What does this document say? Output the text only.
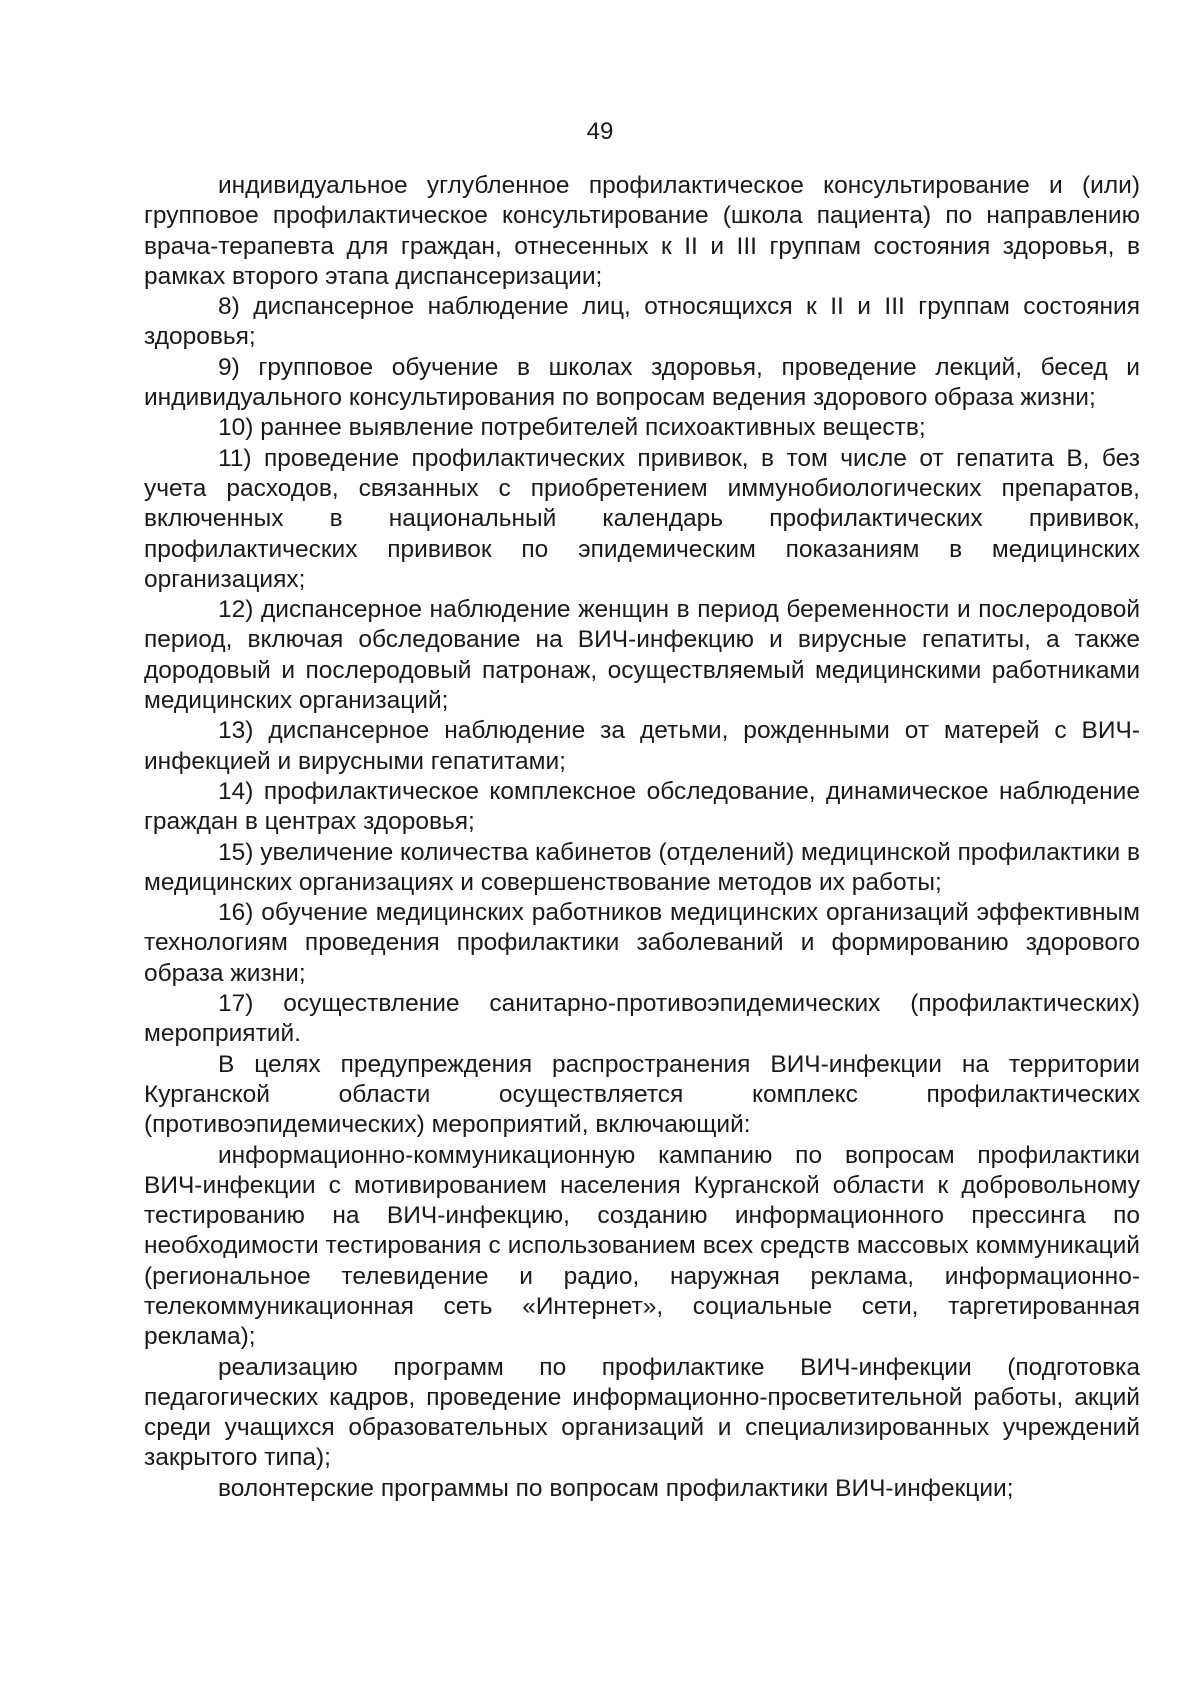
49

индивидуальное углубленное профилактическое консультирование и (или) групповое профилактическое консультирование (школа пациента) по направлению врача-терапевта для граждан, отнесенных к II и III группам состояния здоровья, в рамках второго этапа диспансеризации;

8) диспансерное наблюдение лиц, относящихся к II и III группам состояния здоровья;

9) групповое обучение в школах здоровья, проведение лекций, бесед и индивидуального консультирования по вопросам ведения здорового образа жизни;

10) раннее выявление потребителей психоактивных веществ;

11) проведение профилактических прививок, в том числе от гепатита В, без учета расходов, связанных с приобретением иммунобиологических препаратов, включенных в национальный календарь профилактических прививок, профилактических прививок по эпидемическим показаниям в медицинских организациях;

12) диспансерное наблюдение женщин в период беременности и послеродовой период, включая обследование на ВИЧ-инфекцию и вирусные гепатиты, а также дородовый и послеродовый патронаж, осуществляемый медицинскими работниками медицинских организаций;

13) диспансерное наблюдение за детьми, рожденными от матерей с ВИЧ-инфекцией и вирусными гепатитами;

14) профилактическое комплексное обследование, динамическое наблюдение граждан в центрах здоровья;

15) увеличение количества кабинетов (отделений) медицинской профилактики в медицинских организациях и совершенствование методов их работы;

16) обучение медицинских работников медицинских организаций эффективным технологиям проведения профилактики заболеваний и формированию здорового образа жизни;

17) осуществление санитарно-противоэпидемических (профилактических) мероприятий.

В целях предупреждения распространения ВИЧ-инфекции на территории Курганской области осуществляется комплекс профилактических (противоэпидемических) мероприятий, включающий:

информационно-коммуникационную кампанию по вопросам профилактики ВИЧ-инфекции с мотивированием населения Курганской области к добровольному тестированию на ВИЧ-инфекцию, созданию информационного прессинга по необходимости тестирования с использованием всех средств массовых коммуникаций (региональное телевидение и радио, наружная реклама, информационно-телекоммуникационная сеть «Интернет», социальные сети, таргетированная реклама);

реализацию программ по профилактике ВИЧ-инфекции (подготовка педагогических кадров, проведение информационно-просветительной работы, акций среди учащихся образовательных организаций и специализированных учреждений закрытого типа);

волонтерские программы по вопросам профилактики ВИЧ-инфекции;
